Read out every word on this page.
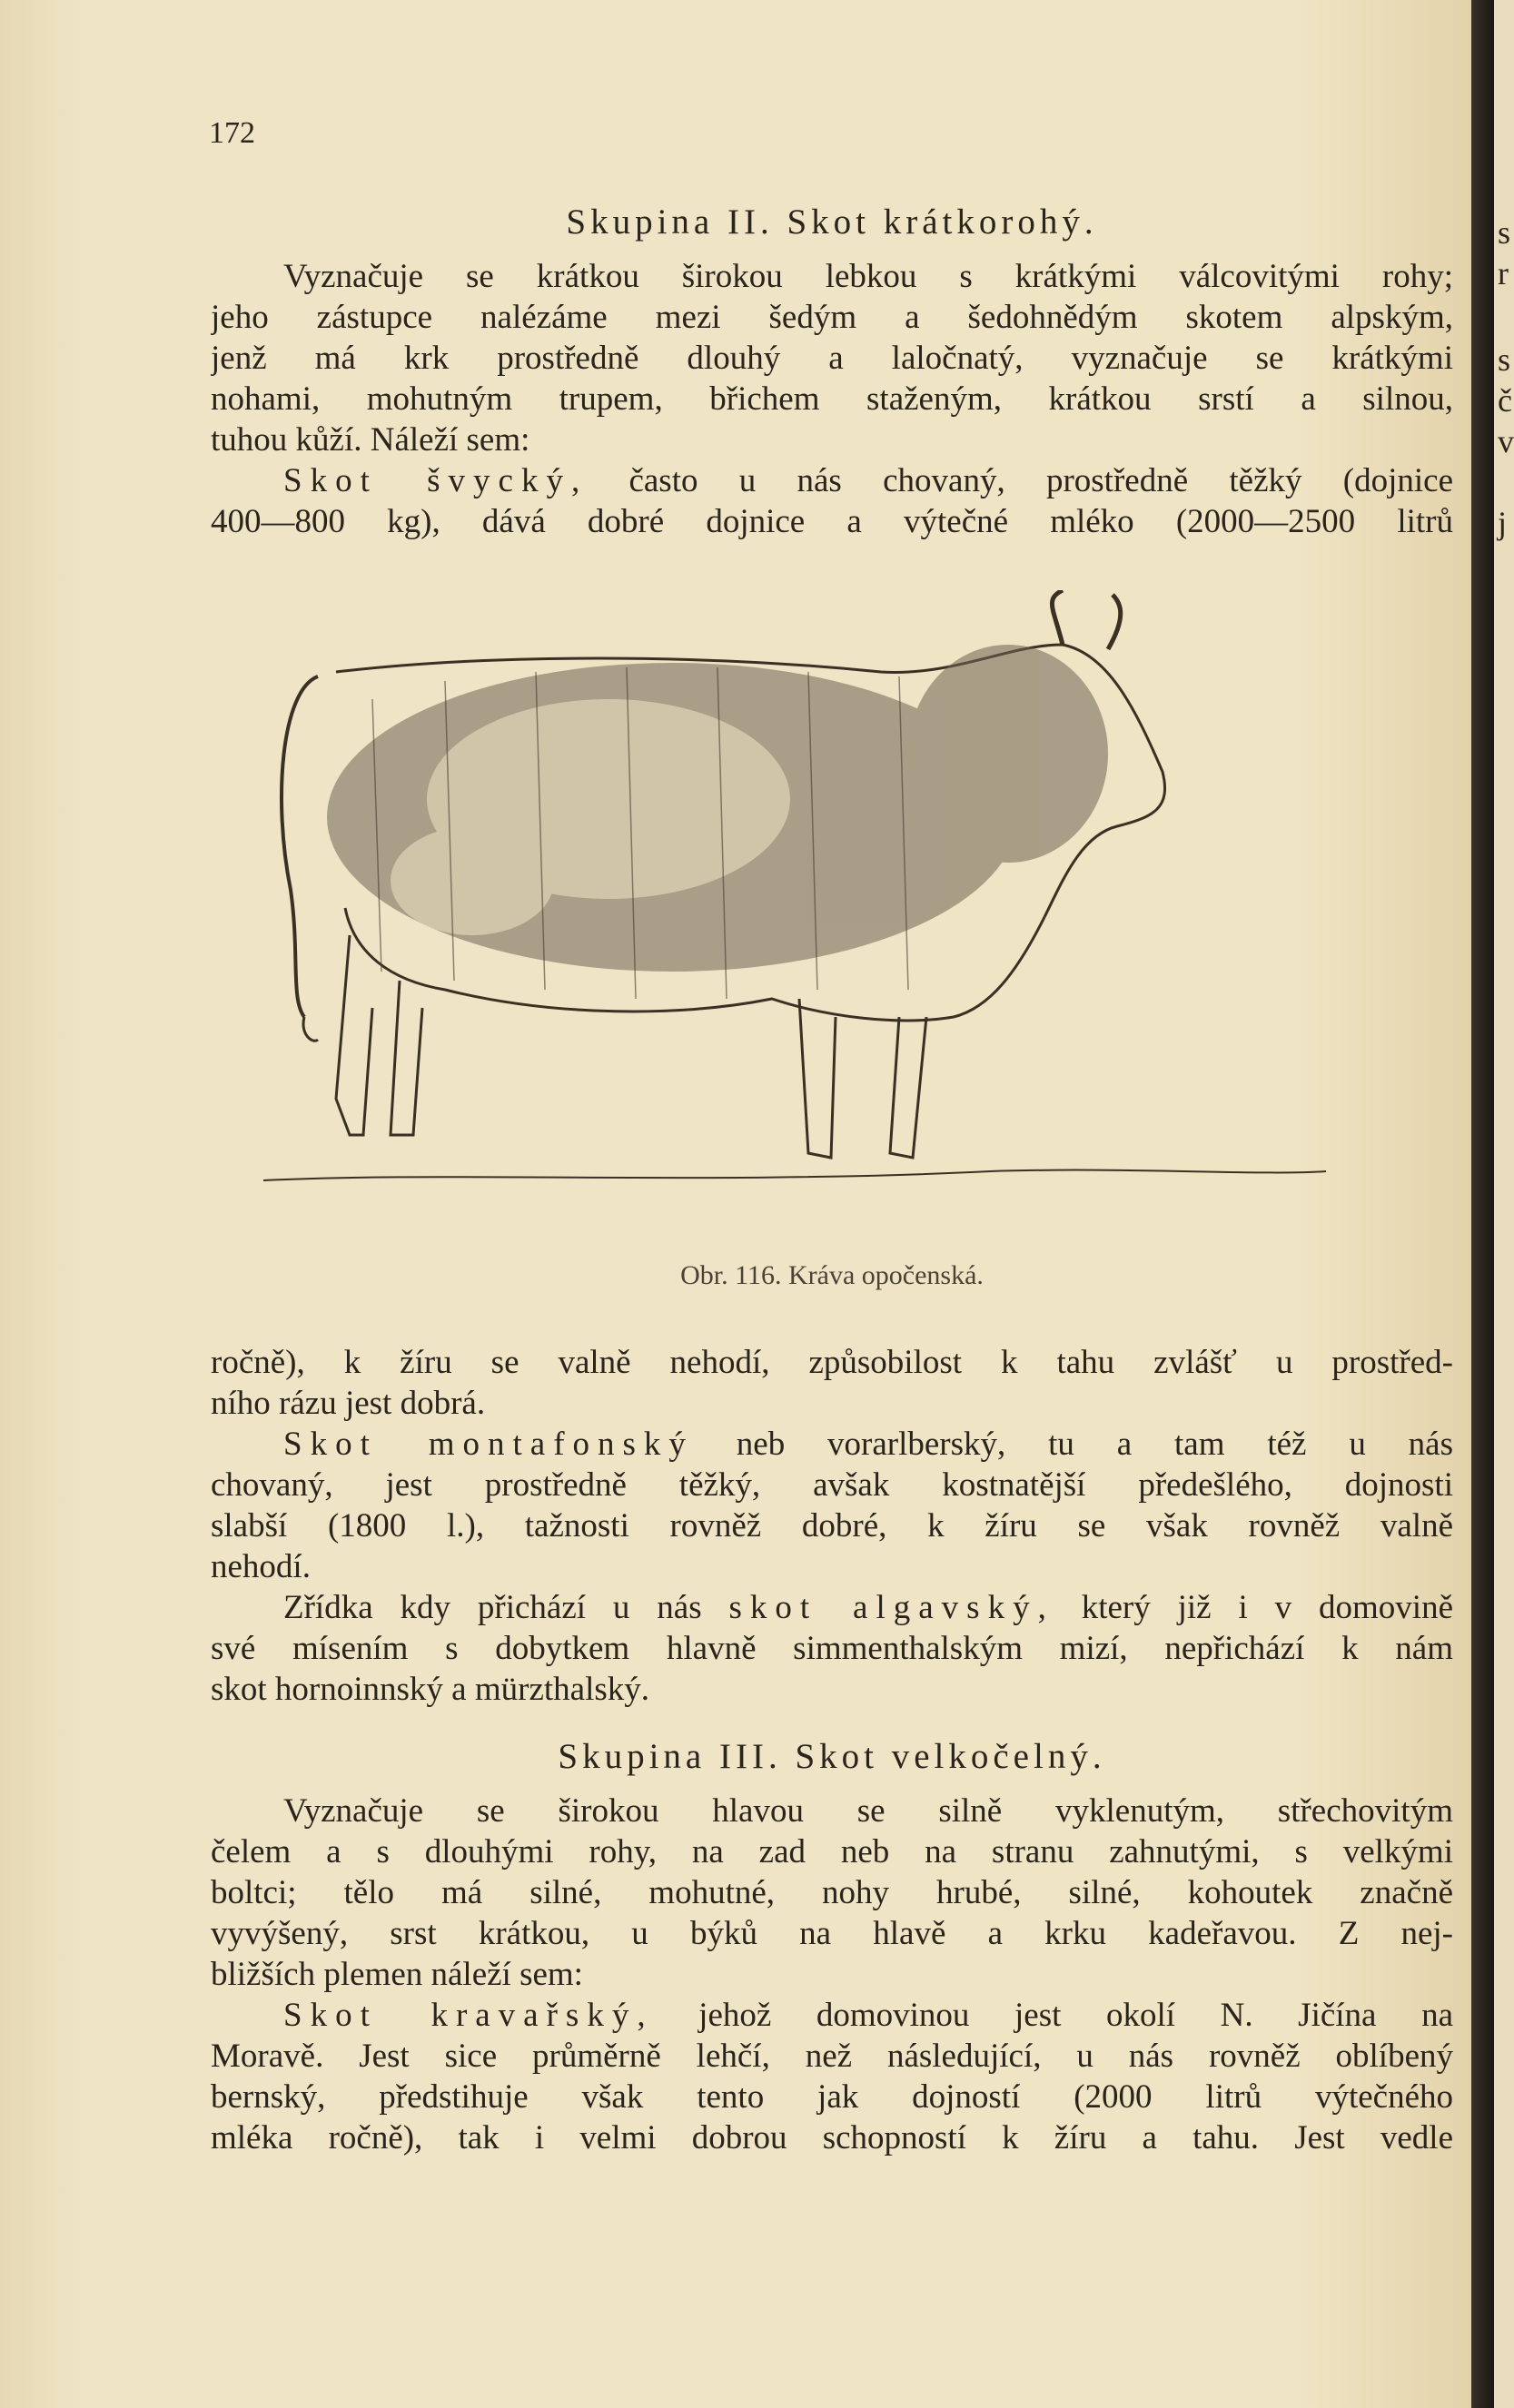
172
Skupina II. Skot krátkorohý.
Vyznačuje se krátkou širokou lebkou s krátkými válcovitými rohy;
jeho zástupce nalézáme mezi šedým a šedohnědým skotem alpským,
jenž má krk prostředně dlouhý a laločnatý, vyznačuje se krátkými
nohami, mohutným trupem, břichem staženým, krátkou srstí a silnou,
tuhou kůží. Náleží sem:
Skot švycký, často u nás chovaný, prostředně těžký (dojnice
400—800 kg), dává dobré dojnice a výtečné mléko (2000—2500 litrů
Obr. 116. Kráva opočenská.
ročně), k žíru se valně nehodí, způsobilost k tahu zvlášť u prostřed-
ního rázu jest dobrá.
Skot montafonský neb vorarlberský, tu a tam též u nás
chovaný, jest prostředně těžký, avšak kostnatější předešlého, dojnosti
slabší (1800 l.), tažnosti rovněž dobré, k žíru se však rovněž valně
nehodí.
Zřídka kdy přichází u nás skot algavský, který již i v domovině
své mísením s dobytkem hlavně simmenthalským mizí, nepřichází k nám
skot hornoinnský a mürzthalský.
Skupina III. Skot velkočelný.
Vyznačuje se širokou hlavou se silně vyklenutým, střechovitým
čelem a s dlouhými rohy, na zad neb na stranu zahnutými, s velkými
boltci; tělo má silné, mohutné, nohy hrubé, silné, kohoutek značně
vyvýšený, srst krátkou, u býků na hlavě a krku kadeřavou. Z nej-
bližších plemen náleží sem:
Skot kravařský, jehož domovinou jest okolí N. Jičína na
Moravě. Jest sice průměrně lehčí, než následující, u nás rovněž oblíbený
bernský, předstihuje však tento jak dojností (2000 litrů výtečného
mléka ročně), tak i velmi dobrou schopností k žíru a tahu. Jest vedle
s
r
s
č
v
j
